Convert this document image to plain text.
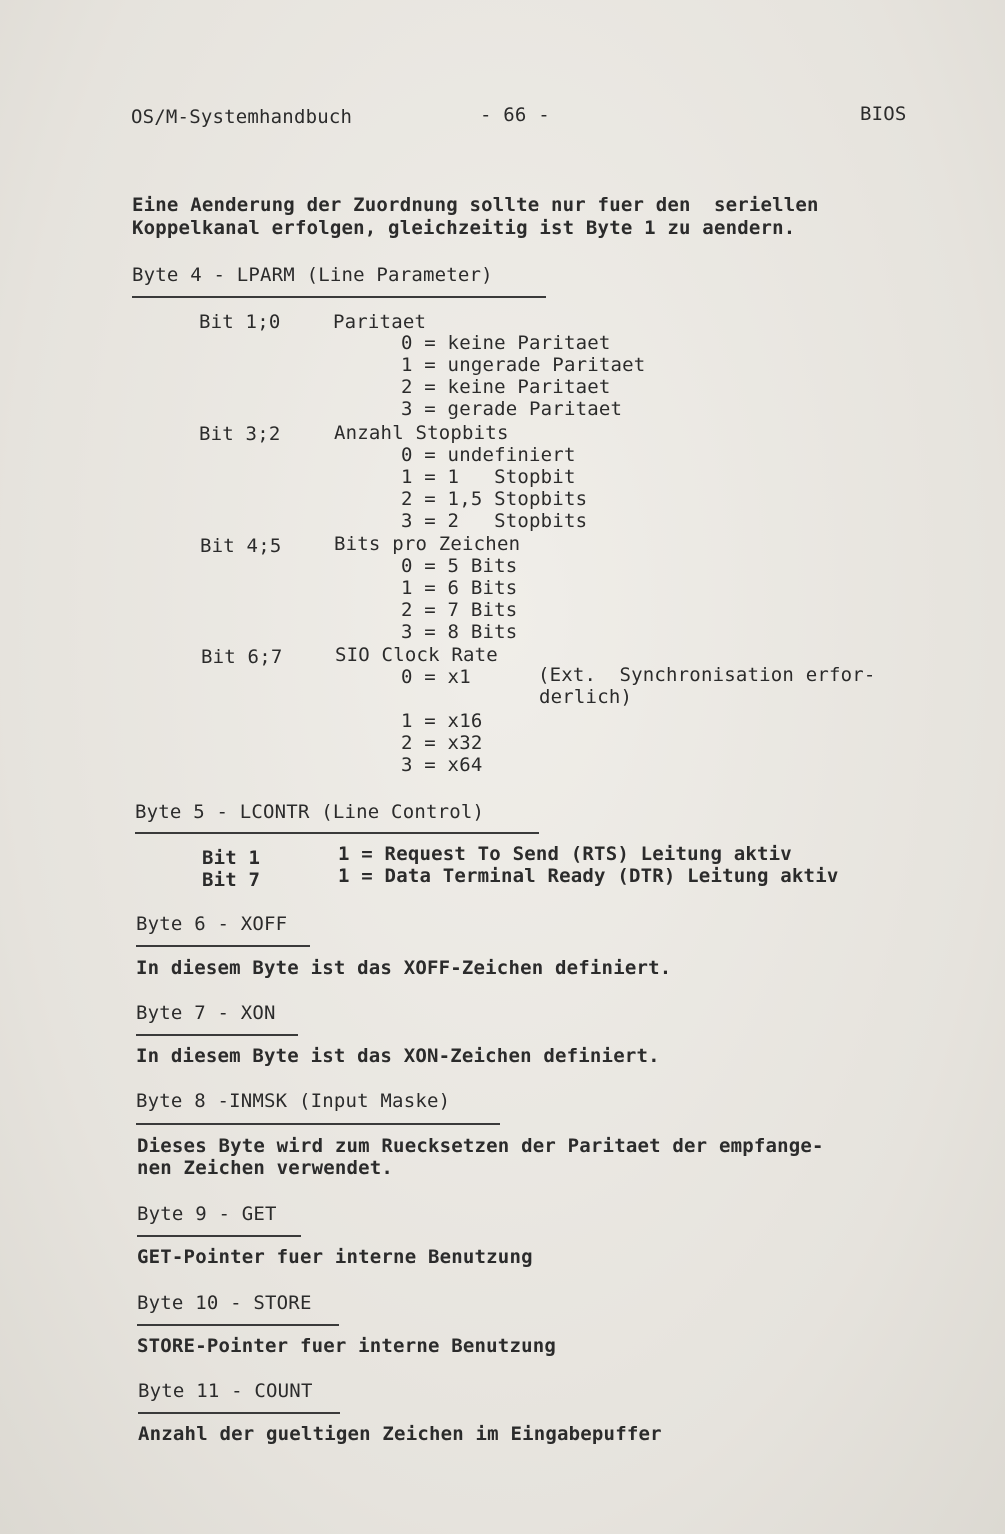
OS/M-Systemhandbuch	- 66 -	BIOS
Eine Aenderung der Zuordnung sollte nur fuer den  seriellen
Koppelkanal erfolgen, gleichzeitig ist Byte 1 zu aendern.
Byte 4 - LPARM (Line Parameter)
Bit 1;0	Paritaet
0 = keine Paritaet
1 = ungerade Paritaet
2 = keine Paritaet
3 = gerade Paritaet
Bit 3;2	Anzahl Stopbits
0 = undefiniert
1 = 1   Stopbit
2 = 1,5 Stopbits
3 = 2   Stopbits
Bit 4;5	Bits pro Zeichen
0 = 5 Bits
1 = 6 Bits
2 = 7 Bits
3 = 8 Bits
Bit 6;7	SIO Clock Rate
0 = x1	(Ext.  Synchronisation erfor-
derlich)
1 = x16
2 = x32
3 = x64
Byte 5 - LCONTR (Line Control)
Bit 1	1 = Request To Send (RTS) Leitung aktiv
Bit 7	1 = Data Terminal Ready (DTR) Leitung aktiv
Byte 6 - XOFF
In diesem Byte ist das XOFF-Zeichen definiert.
Byte 7 - XON
In diesem Byte ist das XON-Zeichen definiert.
Byte 8 -INMSK (Input Maske)
Dieses Byte wird zum Ruecksetzen der Paritaet der empfange-
nen Zeichen verwendet.
Byte 9 - GET
GET-Pointer fuer interne Benutzung
Byte 10 - STORE
STORE-Pointer fuer interne Benutzung
Byte 11 - COUNT
Anzahl der gueltigen Zeichen im Eingabepuffer
